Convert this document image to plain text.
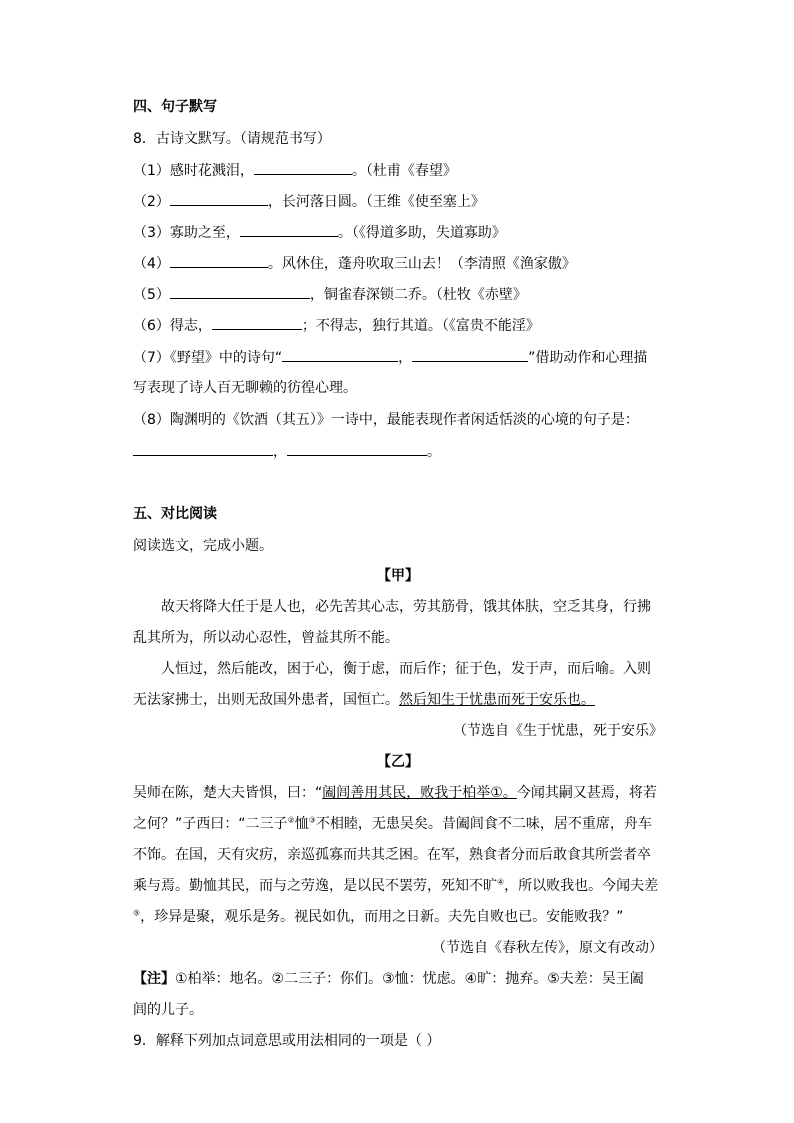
四、句子默写
8．古诗文默写。（请规范书写）
（1）感时花溅泪，	。（杜甫《春望》
（2）	，长河落日圆。（王维《使至塞上》
（3）寡助之至，	。（《得道多助，失道寡助》
（4）	。风休住，蓬舟吹取三山去！（李清照《渔家傲》
（5）	，铜雀春深锁二乔。（杜牧《赤壁》
（6）得志，	；不得志，独行其道。（《富贵不能淫》
（7）《野望》中的诗句“	，	”借助动作和心理描
写表现了诗人百无聊赖的彷徨心理。
（8）陶渊明的《饮酒（其五）》一诗中，最能表现作者闲适恬淡的心境的句子是：
，	。
五、对比阅读
阅读选文，完成小题。
【甲】
故天将降大任于是人也，必先苦其心志，劳其筋骨，饿其体肤，空乏其身，行拂
乱其所为，所以动心忍性，曾益其所不能。
人恒过，然后能改，困于心，衡于虑，而后作；征于色，发于声，而后喻。入则
无法家拂士，出则无敌国外患者，国恒亡。然后知生于忧患而死于安乐也。
（节选自《生于忧患，死于安乐》
【乙】
吴师在陈，楚大夫皆惧，曰：“阖闾善用其民，败我于柏举①。今闻其嗣又甚焉，将若
之何？”子西曰：“二三子②恤③不相睦，无患吴矣。昔阖闾食不二味，居不重席，舟车
不饰。在国，天有灾疠，亲巡孤寡而共其乏困。在军，熟食者分而后敢食其所尝者卒
乘与焉。勤恤其民，而与之劳逸，是以民不罢劳，死知不旷④，所以败我也。今闻夫差
⑤，珍异是聚，观乐是务。视民如仇，而用之日新。夫先自败也已。安能败我？”
（节选自《春秋左传》，原文有改动）
【注】①柏举：地名。②二三子：你们。③恤：忧虑。④旷：抛弃。⑤夫差：吴王阖
闾的儿子。
9．解释下列加点词意思或用法相同的一项是（ ）
